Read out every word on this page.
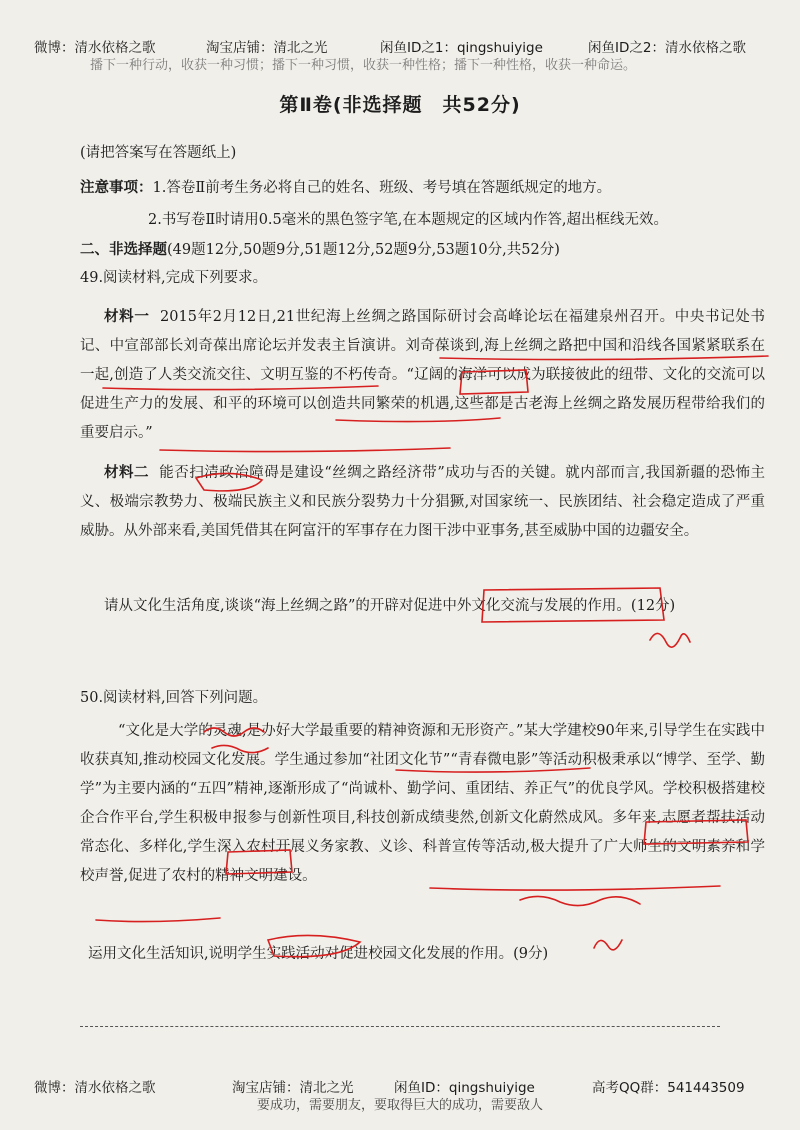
微博：清水依格之歌	淘宝店铺：清北之光	闲鱼ID之1：qingshuiyige	闲鱼ID之2：清水依格之歌
播下一种行动，收获一种习惯；播下一种习惯，收获一种性格；播下一种性格，收获一种命运。
第Ⅱ卷(非选择题　共52分)
(请把答案写在答题纸上)
注意事项：1.答卷Ⅱ前考生务必将自己的姓名、班级、考号填在答题纸规定的地方。
2.书写卷Ⅱ时请用0.5毫米的黑色签字笔,在本题规定的区域内作答,超出框线无效。
二、非选择题(49题12分,50题9分,51题12分,52题9分,53题10分,共52分)
49.阅读材料,完成下列要求。

材料一 2015年2月12日,21世纪海上丝绸之路国际研讨会高峰论坛在福建泉州召开。中央书记处书记、中宣部部长刘奇葆出席论坛并发表主旨演讲。刘奇葆谈到,海上丝绸之路把中国和沿线各国紧紧联系在一起,创造了人类交流交往、文明互鉴的不朽传奇。“辽阔的海洋可以成为联接彼此的纽带、文化的交流可以促进生产力的发展、和平的环境可以创造共同繁荣的机遇,这些都是古老海上丝绸之路发展历程带给我们的重要启示。”

材料二 能否扫清政治障碍是建设“丝绸之路经济带”成功与否的关键。就内部而言,我国新疆的恐怖主义、极端宗教势力、极端民族主义和民族分裂势力十分猖獗,对国家统一、民族团结、社会稳定造成了严重威胁。从外部来看,美国凭借其在阿富汗的军事存在力图干涉中亚事务,甚至威胁中国的边疆安全。

请从文化生活角度,谈谈“海上丝绸之路”的开辟对促进中外文化交流与发展的作用。(12分)
50.阅读材料,回答下列问题。

“文化是大学的灵魂,是办好大学最重要的精神资源和无形资产。”某大学建校90年来,引导学生在实践中收获真知,推动校园文化发展。学生通过参加“社团文化节”“青春微电影”等活动积极秉承以“博学、至学、勤学”为主要内涵的“五四”精神,逐渐形成了“尚诚朴、勤学问、重团结、养正气”的优良学风。学校积极搭建校企合作平台,学生积极申报参与创新性项目,科技创新成绩斐然,创新文化蔚然成风。多年来,志愿者帮扶活动常态化、多样化,学生深入农村开展义务家教、义诊、科普宣传等活动,极大提升了广大师生的文明素养和学校声誉,促进了农村的精神文明建设。

运用文化生活知识,说明学生实践活动对促进校园文化发展的作用。(9分)
微博：清水依格之歌	淘宝店铺：清北之光	闲鱼ID：qingshuiyige	高考QQ群：541443509
要成功，需要朋友，要取得巨大的成功，需要敌人
